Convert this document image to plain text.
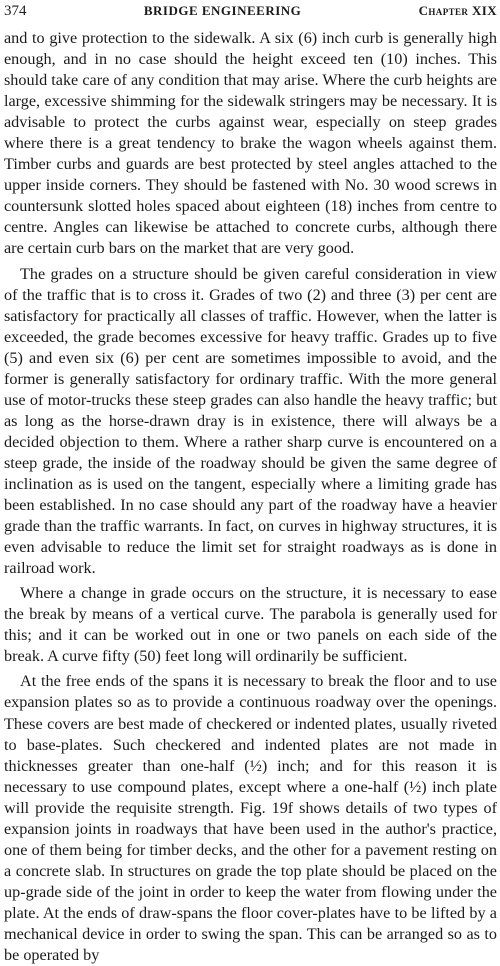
374	BRIDGE ENGINEERING	Chapter XIX

and to give protection to the sidewalk. A six (6) inch curb is generally high enough, and in no case should the height exceed ten (10) inches. This should take care of any condition that may arise. Where the curb heights are large, excessive shimming for the sidewalk stringers may be necessary. It is advisable to protect the curbs against wear, especially on steep grades where there is a great tendency to brake the wagon wheels against them. Timber curbs and guards are best protected by steel angles attached to the upper inside corners. They should be fastened with No. 30 wood screws in countersunk slotted holes spaced about eighteen (18) inches from centre to centre. Angles can likewise be attached to concrete curbs, although there are certain curb bars on the market that are very good.

The grades on a structure should be given careful consideration in view of the traffic that is to cross it. Grades of two (2) and three (3) per cent are satisfactory for practically all classes of traffic. However, when the latter is exceeded, the grade becomes excessive for heavy traffic. Grades up to five (5) and even six (6) per cent are sometimes impossible to avoid, and the former is generally satisfactory for ordinary traffic. With the more general use of motor-trucks these steep grades can also handle the heavy traffic; but as long as the horse-drawn dray is in existence, there will always be a decided objection to them. Where a rather sharp curve is encountered on a steep grade, the inside of the roadway should be given the same degree of inclination as is used on the tangent, especially where a limiting grade has been established. In no case should any part of the roadway have a heavier grade than the traffic warrants. In fact, on curves in highway structures, it is even advisable to reduce the limit set for straight roadways as is done in railroad work.

Where a change in grade occurs on the structure, it is necessary to ease the break by means of a vertical curve. The parabola is generally used for this; and it can be worked out in one or two panels on each side of the break. A curve fifty (50) feet long will ordinarily be sufficient.

At the free ends of the spans it is necessary to break the floor and to use expansion plates so as to provide a continuous roadway over the openings. These covers are best made of checkered or indented plates, usually riveted to base-plates. Such checkered and indented plates are not made in thicknesses greater than one-half (½) inch; and for this reason it is necessary to use compound plates, except where a one-half (½) inch plate will provide the requisite strength. Fig. 19f shows details of two types of expansion joints in roadways that have been used in the author's practice, one of them being for timber decks, and the other for a pavement resting on a concrete slab. In structures on grade the top plate should be placed on the up-grade side of the joint in order to keep the water from flowing under the plate. At the ends of draw-spans the floor cover-plates have to be lifted by a mechanical device in order to swing the span. This can be arranged so as to be operated by
